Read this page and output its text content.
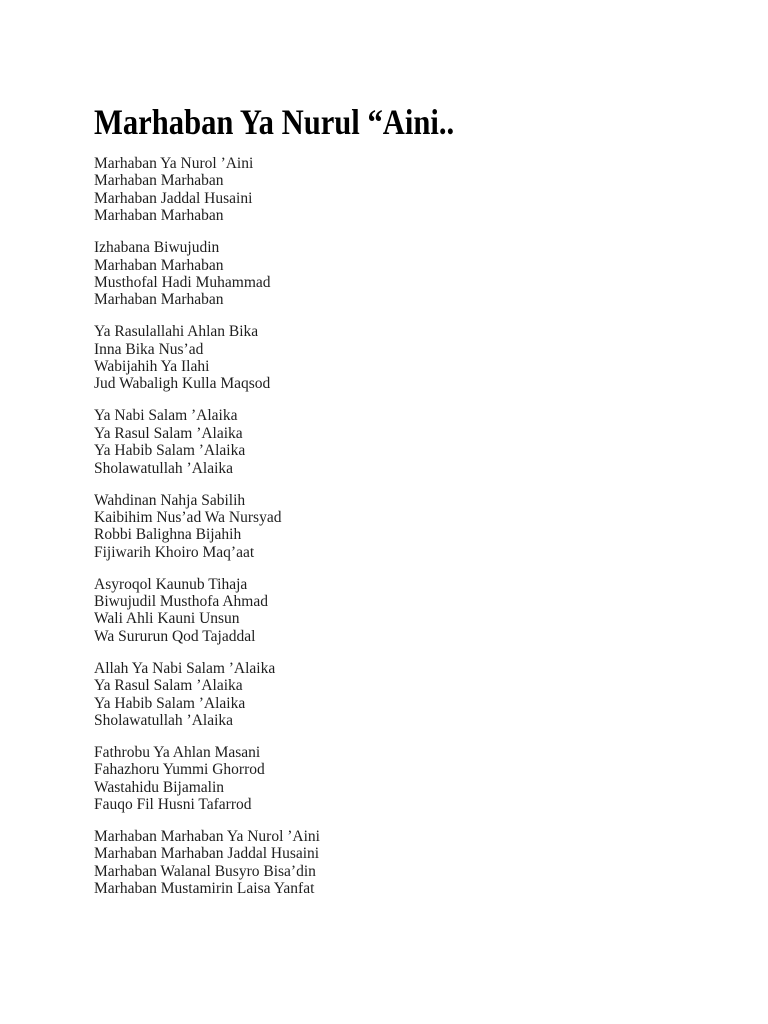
Marhaban Ya Nurul “Aini..

Marhaban Ya Nurol ’Aini

Marhaban Marhaban

Marhaban Jaddal Husaini

Marhaban Marhaban

Izhabana Biwujudin

Marhaban Marhaban

Musthofal Hadi Muhammad

Marhaban Marhaban

Ya Rasulallahi Ahlan Bika

Inna Bika Nus’ad

Wabijahih Ya Ilahi

Jud Wabaligh Kulla Maqsod

Ya Nabi Salam ’Alaika

Ya Rasul Salam ’Alaika

Ya Habib Salam ’Alaika

Sholawatullah ’Alaika

Wahdinan Nahja Sabilih

Kaibihim Nus’ad Wa Nursyad

Robbi Balighna Bijahih

Fijiwarih Khoiro Maq’aat

Asyroqol Kaunub Tihaja

Biwujudil Musthofa Ahmad

Wali Ahli Kauni Unsun

Wa Sururun Qod Tajaddal

Allah Ya Nabi Salam ’Alaika

Ya Rasul Salam ’Alaika

Ya Habib Salam ’Alaika

Sholawatullah ’Alaika

Fathrobu Ya Ahlan Masani

Fahazhoru Yummi Ghorrod

Wastahidu Bijamalin

Fauqo Fil Husni Tafarrod

Marhaban Marhaban Ya Nurol ’Aini

Marhaban Marhaban Jaddal Husaini

Marhaban Walanal Busyro Bisa’din

Marhaban Mustamirin Laisa Yanfat
